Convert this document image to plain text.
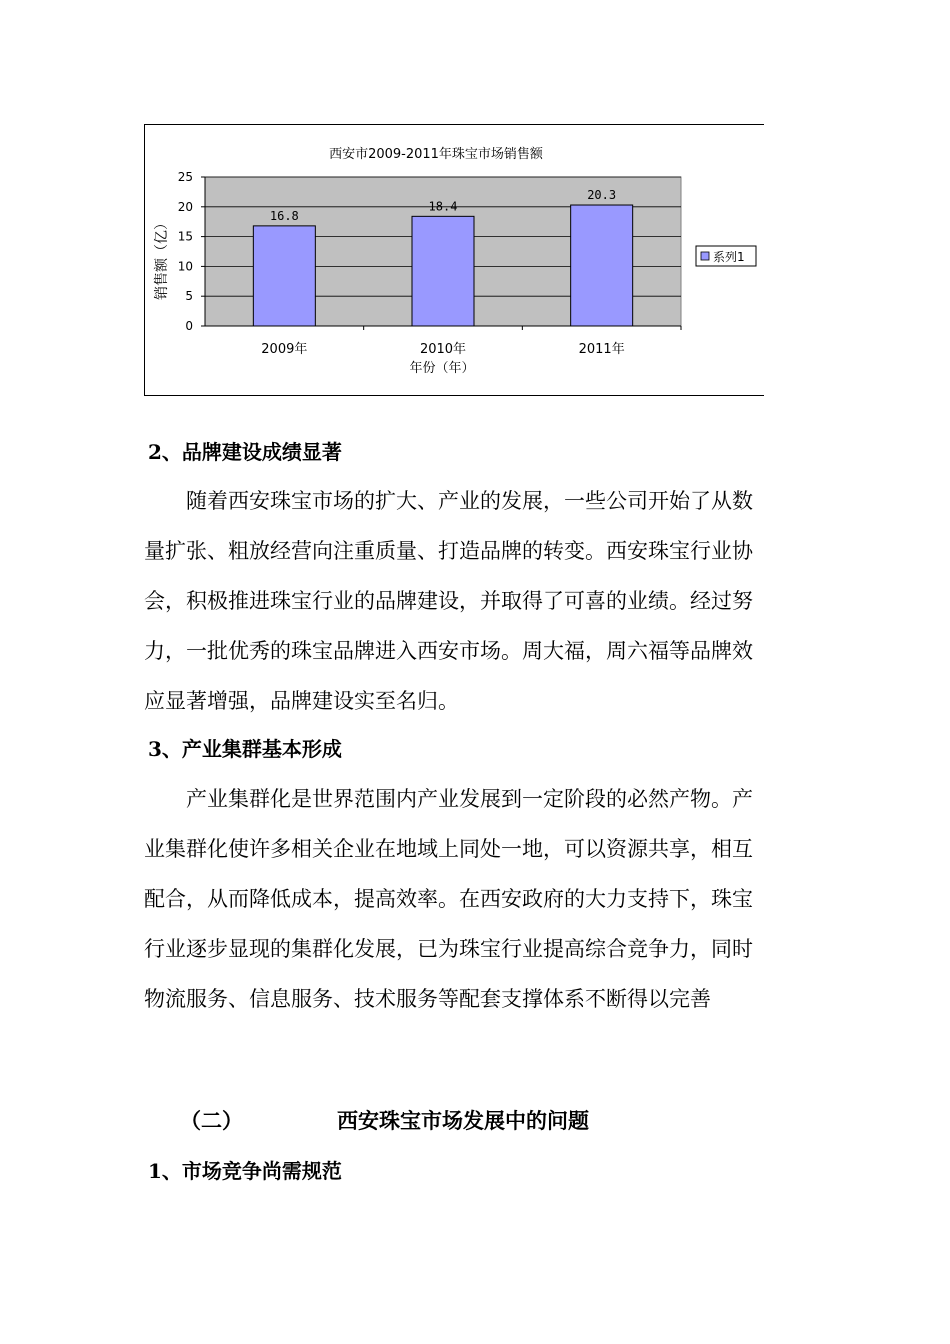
西安市2009-2011年珠宝市场销售额
0
5
10
15
20
25
16.8
2009年
18.4
2010年
20.3
2011年
销售额（亿）
年份（年）
系列1
2、品牌建设成绩显著
随着西安珠宝市场的扩大、产业的发展，一些公司开始了从数
量扩张、粗放经营向注重质量、打造品牌的转变。西安珠宝行业协
会，积极推进珠宝行业的品牌建设，并取得了可喜的业绩。经过努
力，一批优秀的珠宝品牌进入西安市场。周大福，周六福等品牌效
应显著增强，品牌建设实至名归。
3、产业集群基本形成
产业集群化是世界范围内产业发展到一定阶段的必然产物。产
业集群化使许多相关企业在地域上同处一地，可以资源共享，相互
配合，从而降低成本，提高效率。在西安政府的大力支持下，珠宝
行业逐步显现的集群化发展，已为珠宝行业提高综合竞争力，同时
物流服务、信息服务、技术服务等配套支撑体系不断得以完善
（二）	西安珠宝市场发展中的问题
1、市场竞争尚需规范
